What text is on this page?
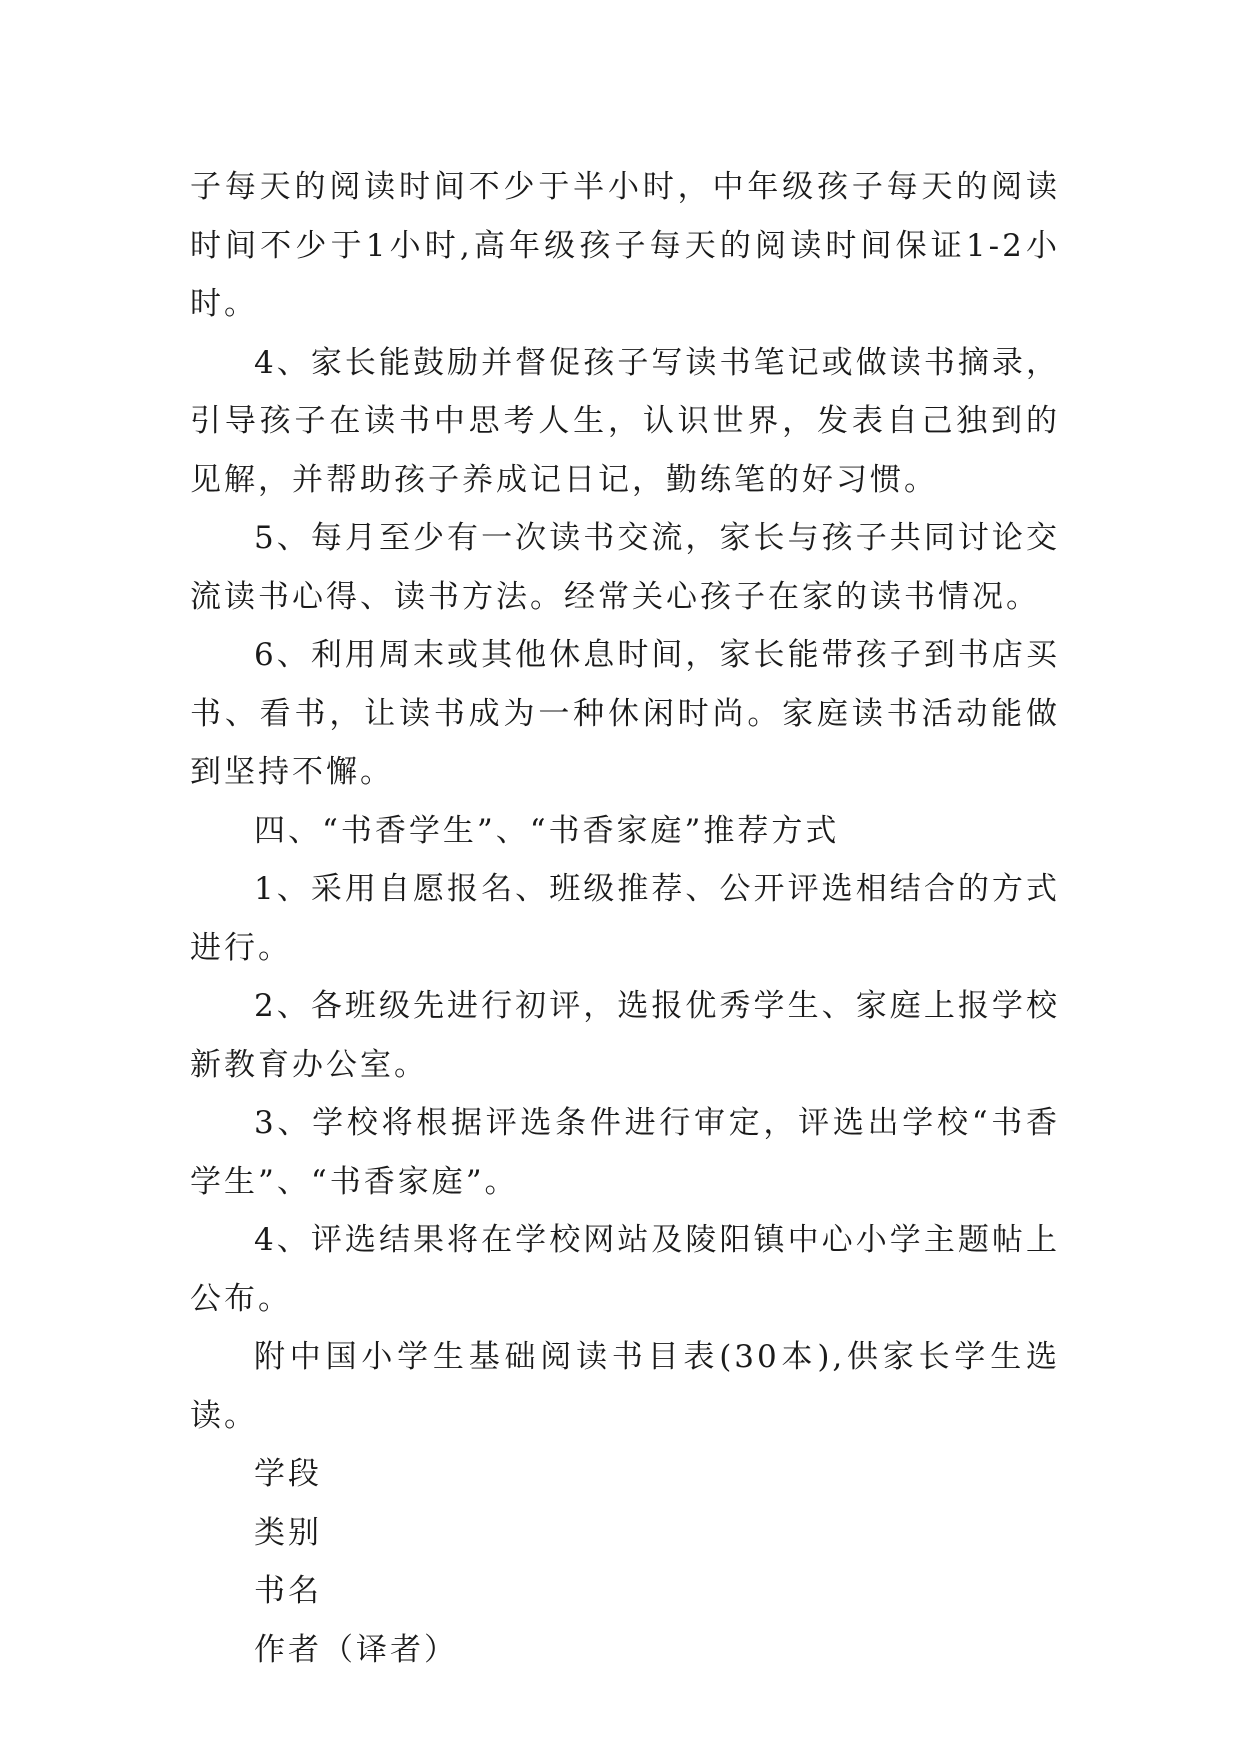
子每天的阅读时间不少于半小时，中年级孩子每天的阅读时间不少于1小时,高年级孩子每天的阅读时间保证1-2小时。

4、家长能鼓励并督促孩子写读书笔记或做读书摘录，引导孩子在读书中思考人生，认识世界，发表自己独到的见解，并帮助孩子养成记日记，勤练笔的好习惯。

5、每月至少有一次读书交流，家长与孩子共同讨论交流读书心得、读书方法。经常关心孩子在家的读书情况。

6、利用周末或其他休息时间，家长能带孩子到书店买书、看书，让读书成为一种休闲时尚。家庭读书活动能做到坚持不懈。

四、“书香学生”、“书香家庭”推荐方式

1、采用自愿报名、班级推荐、公开评选相结合的方式进行。

2、各班级先进行初评，选报优秀学生、家庭上报学校新教育办公室。

3、学校将根据评选条件进行审定，评选出学校“书香学生”、“书香家庭”。

4、评选结果将在学校网站及陵阳镇中心小学主题帖上公布。

附中国小学生基础阅读书目表(30本),供家长学生选读。

学段

类别

书名

作者（译者）
